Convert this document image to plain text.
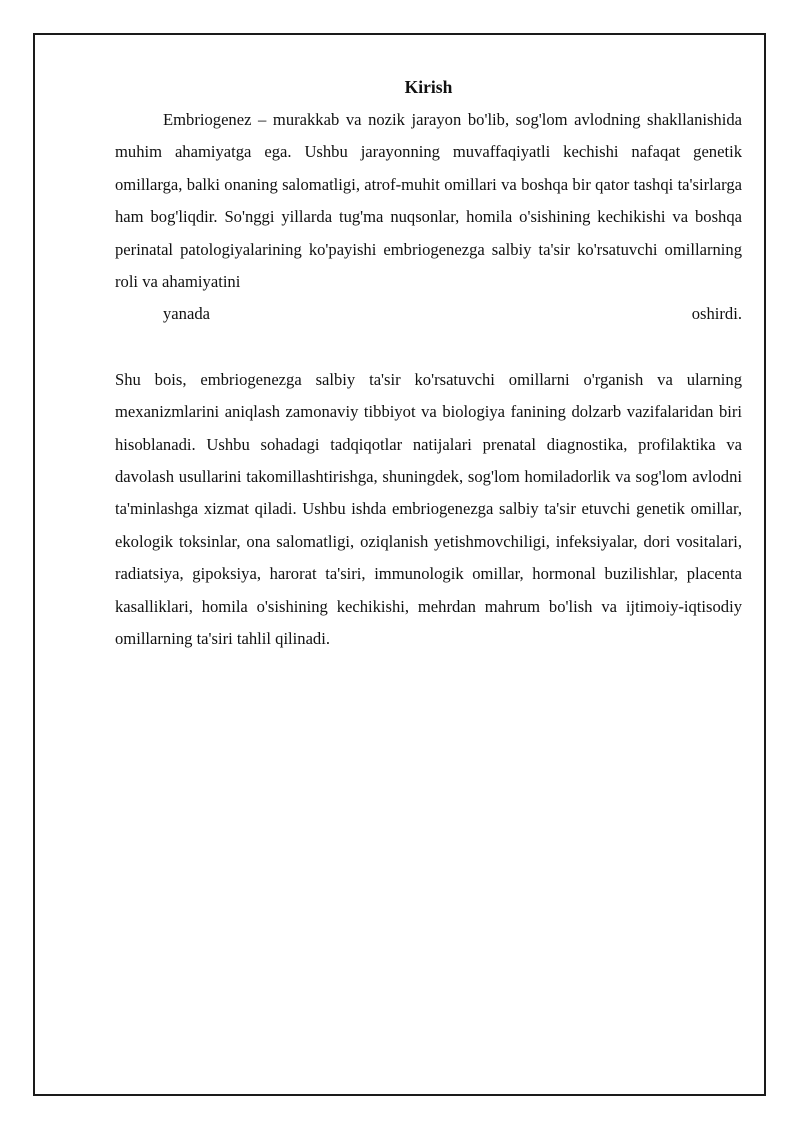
Kirish

Embriogenez – murakkab va nozik jarayon bo'lib, sog'lom avlodning shakllanishida muhim ahamiyatga ega. Ushbu jarayonning muvaffaqiyatli kechishi nafaqat genetik omillarga, balki onaning salomatligi, atrof-muhit omillari va boshqa bir qator tashqi ta'sirlarga ham bog'liqdir. So'nggi yillarda tug'ma nuqsonlar, homila o'sishining kechikishi va boshqa perinatal patologiyalarining ko'payishi embriogenezga salbiy ta'sir ko'rsatuvchi omillarning roli va ahamiyatini
yanada oshirdi.

Shu bois, embriogenezga salbiy ta'sir ko'rsatuvchi omillarni o'rganish va ularning mexanizmlarini aniqlash zamonaviy tibbiyot va biologiya fanining dolzarb vazifalaridan biri hisoblanadi. Ushbu sohadagi tadqiqotlar natijalari prenatal diagnostika, profilaktika va davolash usullarini takomillashtirishga, shuningdek, sog'lom homiladorlik va sog'lom avlodni ta'minlashga xizmat qiladi. Ushbu ishda embriogenezga salbiy ta'sir etuvchi genetik omillar, ekologik toksinlar, ona salomatligi, oziqlanish yetishmovchiligi, infeksiyalar, dori vositalari, radiatsiya, gipoksiya, harorat ta'siri, immunologik omillar, hormonal buzilishlar, placenta kasalliklari, homila o'sishining kechikishi, mehrdan mahrum bo'lish va ijtimoiy-iqtisodiy omillarning ta'siri tahlil qilinadi.
